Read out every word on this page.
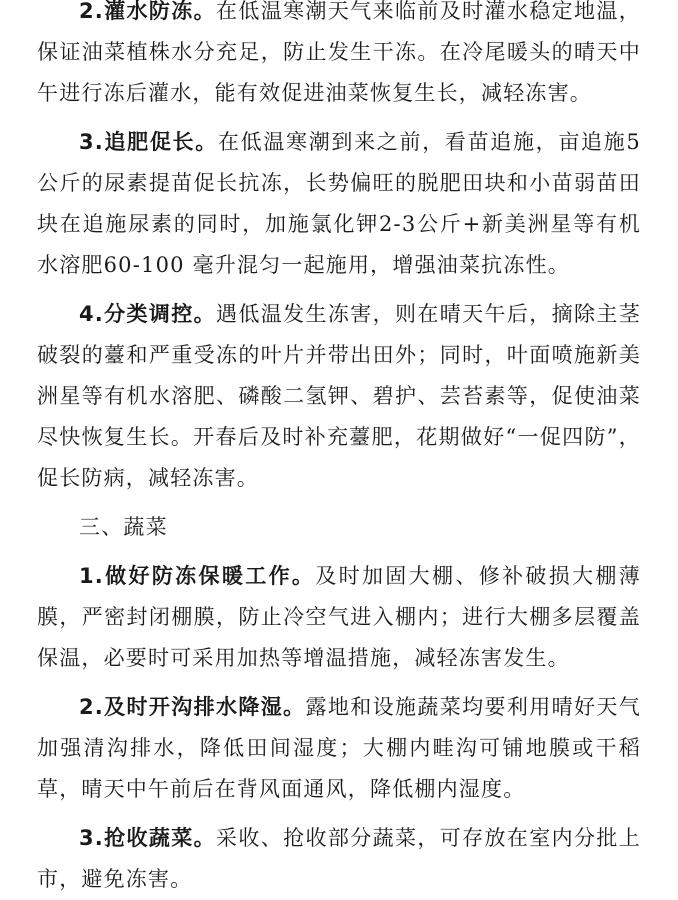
2.灌水防冻。在低温寒潮天气来临前及时灌水稳定地温，保证油菜植株水分充足，防止发生干冻。在冷尾暖头的晴天中午进行冻后灌水，能有效促进油菜恢复生长，减轻冻害。

3.追肥促长。在低温寒潮到来之前，看苗追施，亩追施5公斤的尿素提苗促长抗冻，长势偏旺的脱肥田块和小苗弱苗田块在追施尿素的同时，加施氯化钾2-3公斤+新美洲星等有机水溶肥60-100 毫升混匀一起施用，增强油菜抗冻性。

4.分类调控。遇低温发生冻害，则在晴天午后，摘除主茎破裂的薹和严重受冻的叶片并带出田外；同时，叶面喷施新美洲星等有机水溶肥、磷酸二氢钾、碧护、芸苔素等，促使油菜尽快恢复生长。开春后及时补充薹肥，花期做好“一促四防”，促长防病，减轻冻害。

三、蔬菜

1.做好防冻保暖工作。及时加固大棚、修补破损大棚薄膜，严密封闭棚膜，防止冷空气进入棚内；进行大棚多层覆盖保温，必要时可采用加热等增温措施，减轻冻害发生。

2.及时开沟排水降湿。露地和设施蔬菜均要利用晴好天气加强清沟排水，降低田间湿度；大棚内畦沟可铺地膜或干稻草，晴天中午前后在背风面通风，降低棚内湿度。

3.抢收蔬菜。采收、抢收部分蔬菜，可存放在室内分批上市，避免冻害。
